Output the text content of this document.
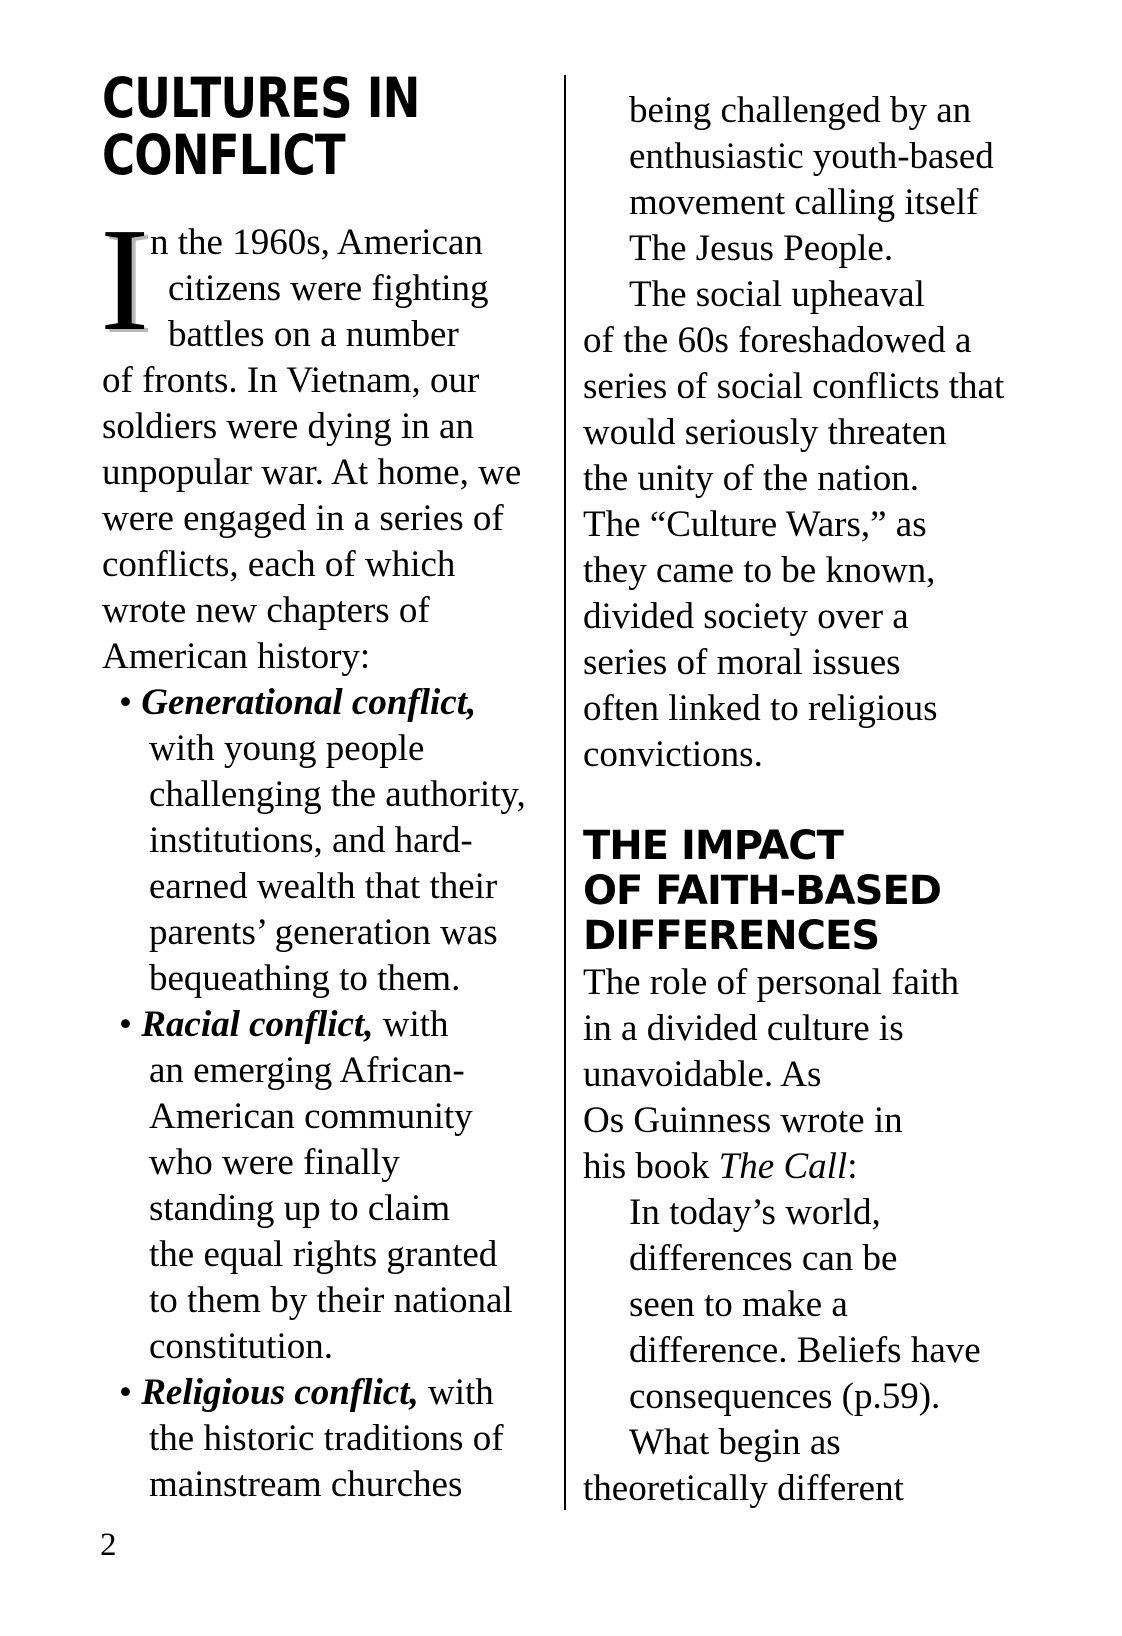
CULTURES IN
CONFLICT
I n the 1960s, American
citizens were fighting
battles on a number
of fronts. In Vietnam, our
soldiers were dying in an
unpopular war. At home, we
were engaged in a series of
conflicts, each of which
wrote new chapters of
American history:
• Generational conflict,
with young people
challenging the authority,
institutions, and hard-
earned wealth that their
parents’ generation was
bequeathing to them.
• Racial conflict, with
an emerging African-
American community
who were finally
standing up to claim
the equal rights granted
to them by their national
constitution.
• Religious conflict, with
the historic traditions of
mainstream churches
being challenged by an
enthusiastic youth-based
movement calling itself
The Jesus People.
The social upheaval
of the 60s foreshadowed a
series of social conflicts that
would seriously threaten
the unity of the nation.
The “Culture Wars,” as
they came to be known,
divided society over a
series of moral issues
often linked to religious
convictions.
THE IMPACT
OF FAITH-BASED
DIFFERENCES
The role of personal faith
in a divided culture is
unavoidable. As
Os Guinness wrote in
his book The Call:
In today’s world,
differences can be
seen to make a
difference. Beliefs have
consequences (p.59).
What begin as
theoretically different
2
